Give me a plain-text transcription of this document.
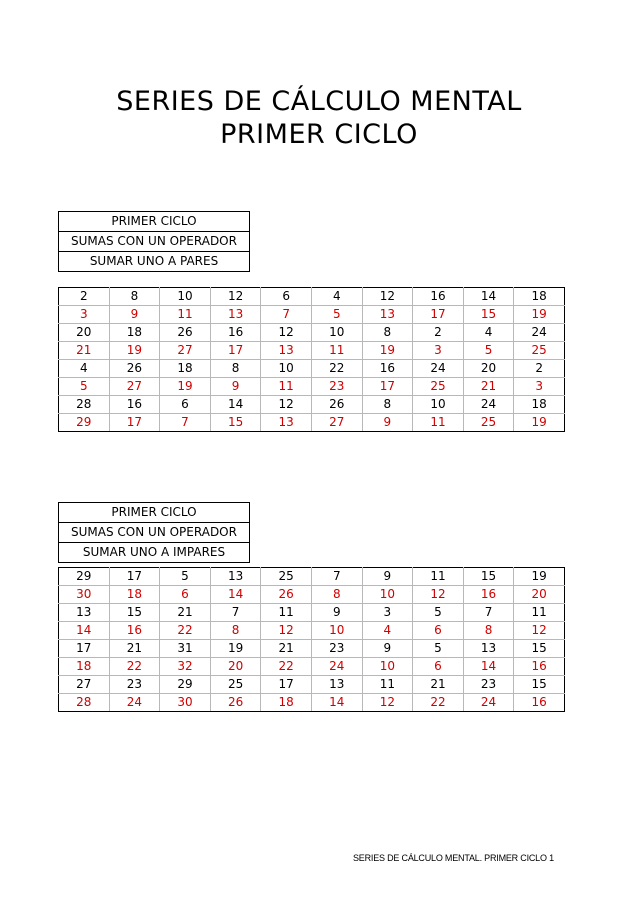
SERIES DE CÁLCULO MENTAL
PRIMER CICLO
PRIMER CICLO
SUMAS CON UN OPERADOR
SUMAR UNO A PARES
2	8	10	12	6	4	12	16	14	18
3	9	11	13	7	5	13	17	15	19
20	18	26	16	12	10	8	2	4	24
21	19	27	17	13	11	19	3	5	25
4	26	18	8	10	22	16	24	20	2
5	27	19	9	11	23	17	25	21	3
28	16	6	14	12	26	8	10	24	18
29	17	7	15	13	27	9	11	25	19
PRIMER CICLO
SUMAS CON UN OPERADOR
SUMAR UNO A IMPARES
29	17	5	13	25	7	9	11	15	19
30	18	6	14	26	8	10	12	16	20
13	15	21	7	11	9	3	5	7	11
14	16	22	8	12	10	4	6	8	12
17	21	31	19	21	23	9	5	13	15
18	22	32	20	22	24	10	6	14	16
27	23	29	25	17	13	11	21	23	15
28	24	30	26	18	14	12	22	24	16
SERIES DE CÁLCULO MENTAL. PRIMER CICLO 1
